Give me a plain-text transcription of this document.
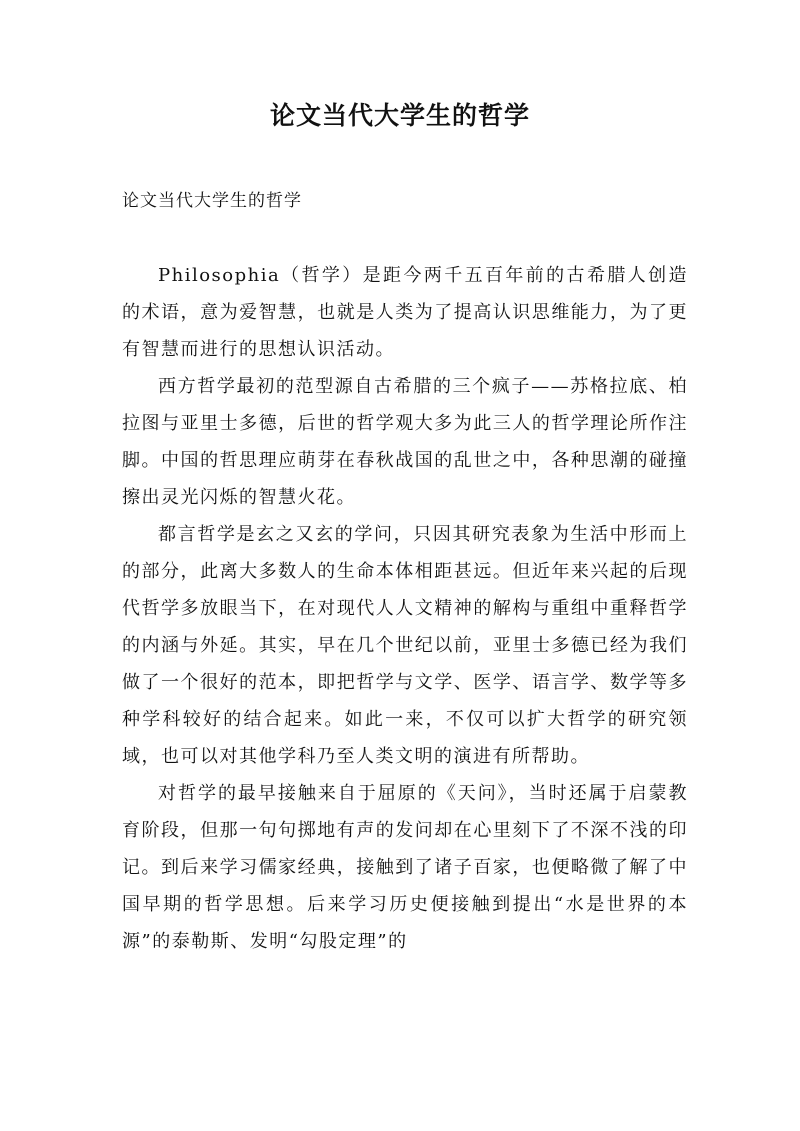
论文当代大学生的哲学

论文当代大学生的哲学

Philosophia（哲学）是距今两千五百年前的古希腊人创造的术语，意为爱智慧，也就是人类为了提高认识思维能力，为了更有智慧而进行的思想认识活动。

西方哲学最初的范型源自古希腊的三个疯子——苏格拉底、柏拉图与亚里士多德，后世的哲学观大多为此三人的哲学理论所作注脚。中国的哲思理应萌芽在春秋战国的乱世之中，各种思潮的碰撞擦出灵光闪烁的智慧火花。

都言哲学是玄之又玄的学问，只因其研究表象为生活中形而上的部分，此离大多数人的生命本体相距甚远。但近年来兴起的后现代哲学多放眼当下，在对现代人人文精神的解构与重组中重释哲学的内涵与外延。其实，早在几个世纪以前，亚里士多德已经为我们做了一个很好的范本，即把哲学与文学、医学、语言学、数学等多种学科较好的结合起来。如此一来，不仅可以扩大哲学的研究领域，也可以对其他学科乃至人类文明的演进有所帮助。

对哲学的最早接触来自于屈原的《天问》，当时还属于启蒙教育阶段，但那一句句掷地有声的发问却在心里刻下了不深不浅的印记。到后来学习儒家经典，接触到了诸子百家，也便略微了解了中国早期的哲学思想。后来学习历史便接触到提出“水是世界的本源”的泰勒斯、发明“勾股定理”的
